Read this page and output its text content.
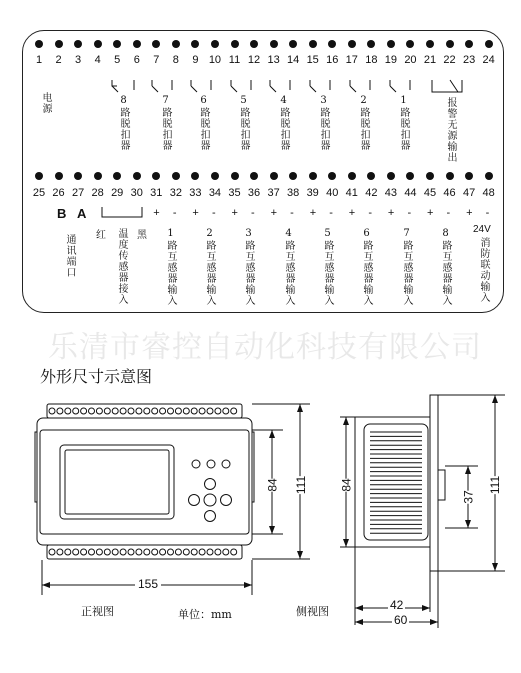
1	2	3	4	5	6	7	8	9 10 11 12 13 14 15 16 17 18 19 20 21 22 23 24
25 26 27 28 29 30 31 32 33 34 35 36 37 38 39 40 41 42 43 44 45 46 47 48
电源	8路脱扣器	7路脱扣器	6路脱扣器	5路脱扣器	4路脱扣器	3路脱扣器	2路脱扣器	1路脱扣器	报警无源输出
B A
通讯端口 红	黑
温度传感器接入	1路互感器输入	2路互感器输入	3路互感器输入	4路互感器输入	5路互感器输入	6路互感器输入	7路互感器输入	8路互感器输入 24V
消防联动输入
+ - + - + - + - + - + - + - + - + -
乐清市睿控自动化科技有限公司
外形尺寸示意图
155
84 111	84
37
111
42
60
正视图	单位：mm	侧视图
